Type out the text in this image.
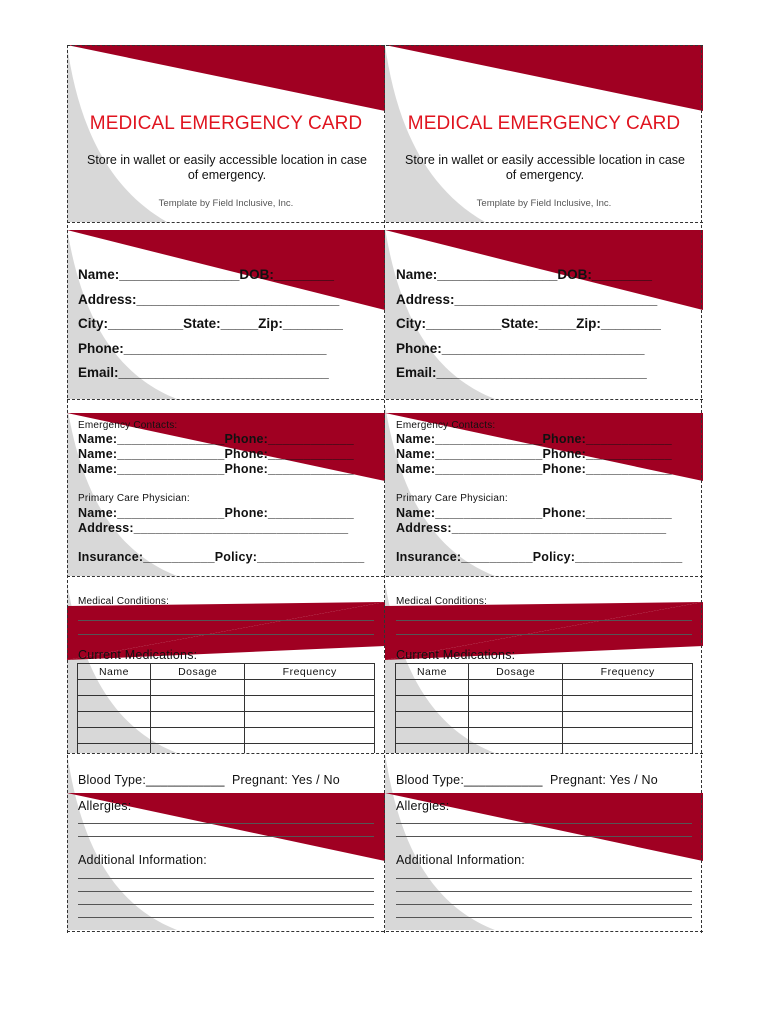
MEDICAL EMERGENCY CARD
Store in wallet or easily accessible location in case of emergency.
Template by Field Inclusive, Inc.
MEDICAL EMERGENCY CARD
Store in wallet or easily accessible location in case of emergency.
Template by Field Inclusive, Inc.
Name:________________DOB:________
Address:___________________________
City:__________State:_____Zip:________
Phone:___________________________
Email:____________________________
Name:________________DOB:________
Address:___________________________
City:__________State:_____Zip:________
Phone:___________________________
Email:____________________________
Emergency Contacts:
Name:_______________Phone:____________
Name:_______________Phone:____________
Name:_______________Phone:____________
Primary Care Physician:
Name:_______________Phone:____________
Address:______________________________
Insurance:__________Policy:_______________
Emergency Contacts:
Name:_______________Phone:____________
Name:_______________Phone:____________
Name:_______________Phone:____________
Primary Care Physician:
Name:_______________Phone:____________
Address:______________________________
Insurance:__________Policy:_______________
Medical Conditions:
Current Medications:
Name	Dosage	Frequency

Medical Conditions:
Current Medications:
Name	Dosage	Frequency

Blood Type:___________ Pregnant: Yes / No
Allergies:
Additional Information:
Blood Type:___________ Pregnant: Yes / No
Allergies:
Additional Information:
